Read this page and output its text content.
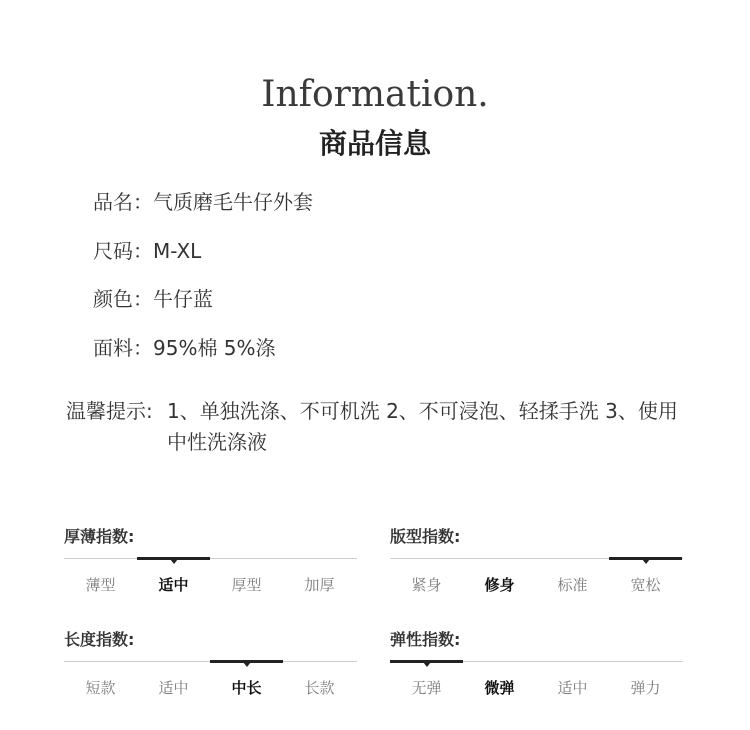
Information.
商品信息
品名：气质磨毛牛仔外套
尺码：M-XL
颜色：牛仔蓝
面料：95%棉 5%涤
温馨提示: 1、单独洗涤、不可机洗 2、不可浸泡、轻揉手洗 3、使用中性洗涤液
厚薄指数:
薄型	适中	厚型	加厚
版型指数:
紧身	修身	标准	宽松
长度指数:
短款	适中	中长	长款
弹性指数:
无弹	微弹	适中	弹力
